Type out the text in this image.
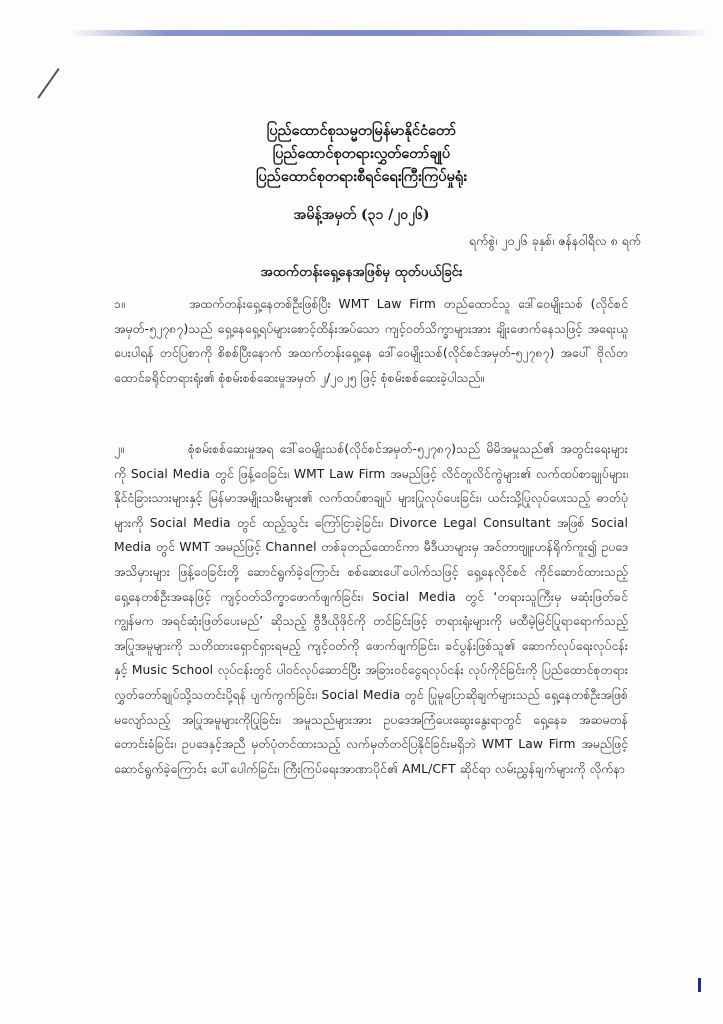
ပြည်ထောင်စုသမ္မတမြန်မာနိုင်ငံတော်
ပြည်ထောင်စုတရားလွှတ်တော်ချုပ်
ပြည်ထောင်စုတရားစီရင်ရေးကြီးကြပ်မှုရုံး
အမိန့်အမှတ် (၃၁ /၂၀၂၆)
ရက်စွဲ၊ ၂၀၂၆ ခုနှစ်၊ ဇန်နဝါရီလ ၈ ရက်
အထက်တန်းရှေ့နေအဖြစ်မှ ထုတ်ပယ်ခြင်း
၁။	အထက်တန်းရှေ့နေတစ်ဦးဖြစ်ပြီး WMT Law Firm တည်ထောင်သူ ဒေါ်ဝေမျိုးသစ် (လိုင်စင်အမှတ်-၅၂၇၈၇)သည် ရှေ့နေရှေ့ရပ်များစောင့်ထိန်းအပ်သော ကျင့်ဝတ်သိက္ခာများအား ချိုးဖောက်နေသဖြင့် အရေးယူပေးပါရန် တင်ပြစာကို စိစစ်ပြီးနောက် အထက်တန်းရှေ့နေ ဒေါ်ဝေမျိုးသစ်(လိုင်စင်အမှတ်-၅၂၇၈၇) အပေါ် ဗိုလ်တထောင်ခရိုင်တရားရုံး၏ စုံစမ်းစစ်ဆေးမှုအမှတ် ၂/၂၀၂၅ ဖြင့် စုံစမ်းစစ်ဆေးခဲ့ပါသည်။
၂။	စုံစမ်းစစ်ဆေးမှုအရ ဒေါ်ဝေမျိုးသစ်(လိုင်စင်အမှတ်-၅၂၇၈၇)သည် မိမိအမှုသည်၏ အတွင်းရေးများကို Social Media တွင် ဖြန့်ဝေခြင်း၊ WMT Law Firm အမည်ဖြင့် လိင်တူလိင်ကွဲများ၏ လက်ထပ်စာချုပ်များ၊ နိုင်ငံခြားသားများနှင့် မြန်မာအမျိုးသမီးများ၏ လက်ထပ်စာချုပ် များပြုလုပ်ပေးခြင်း၊ ယင်းသို့ပြုလုပ်ပေးသည့် ဓာတ်ပုံများကို Social Media တွင် ထည့်သွင်း ကြော်ငြာခဲ့ခြင်း၊ Divorce Legal Consultant အဖြစ် Social Media တွင် WMT အမည်ဖြင့် Channel တစ်ခုတည်ထောင်ကာ မီဒီယာများမှ အင်တာဗျူးဟန်ရိုက်ကူး၍ ဥပဒေအသိမှားများ ဖြန့်ဝေခြင်းတို့ ဆောင်ရွက်ခဲ့ကြောင်း စစ်ဆေးပေါ်ပေါက်သဖြင့် ရှေ့နေလိုင်စင် ကိုင်ဆောင်ထားသည့် ရှေ့နေတစ်ဦးအနေဖြင့် ကျင့်ဝတ်သိက္ခာဖောက်ဖျက်ခြင်း၊ Social Media တွင် ‘တရားသူကြီးမှ မဆုံးဖြတ်ခင် ကျွန်မက အရင်ဆုံးဖြတ်ပေးမည်’ ဆိုသည့် ဗွီဒီယိုဖိုင်ကို တင်ခြင်းဖြင့် တရားရုံးများကို မထီမဲ့မြင်ပြုရာရောက်သည့် အပြုအမူများကို သတိထားရှောင်ရှားရမည့် ကျင့်ဝတ်ကို ဖောက်ဖျက်ခြင်း၊ ခင်ပွန်းဖြစ်သူ၏ ဆောက်လုပ်ရေးလုပ်ငန်းနှင့် Music School လုပ်ငန်းတွင် ပါဝင်လုပ်ဆောင်ပြီး အခြားဝင်ငွေရလုပ်ငန်း လုပ်ကိုင်ခြင်းကို ပြည်ထောင်စုတရားလွှတ်တော်ချုပ်သို့သတင်းပို့ရန် ပျက်ကွက်ခြင်း၊ Social Media တွင် ပြုမူပြောဆိုချက်များသည် ရှေ့နေတစ်ဦးအဖြစ် မလျော်သည့် အပြုအမူများကိုပြုခြင်း၊ အမှုသည်များအား ဥပဒေအကြံပေးဆွေးနွေးရာတွင် ရှေ့နေခ အဆမတန်တောင်းခံခြင်း၊ ဥပဒေနှင့်အညီ မှတ်ပုံတင်ထားသည့် လက်မှတ်တင်ပြနိုင်ခြင်းမရှိဘဲ WMT Law Firm အမည်ဖြင့် ဆောင်ရွက်ခဲ့ကြောင်း ပေါ်ပေါက်ခြင်း၊ ကြီးကြပ်ရေးအာဏာပိုင်၏ AML/CFT ဆိုင်ရာ လမ်းညွှန်ချက်များကို လိုက်နာ
